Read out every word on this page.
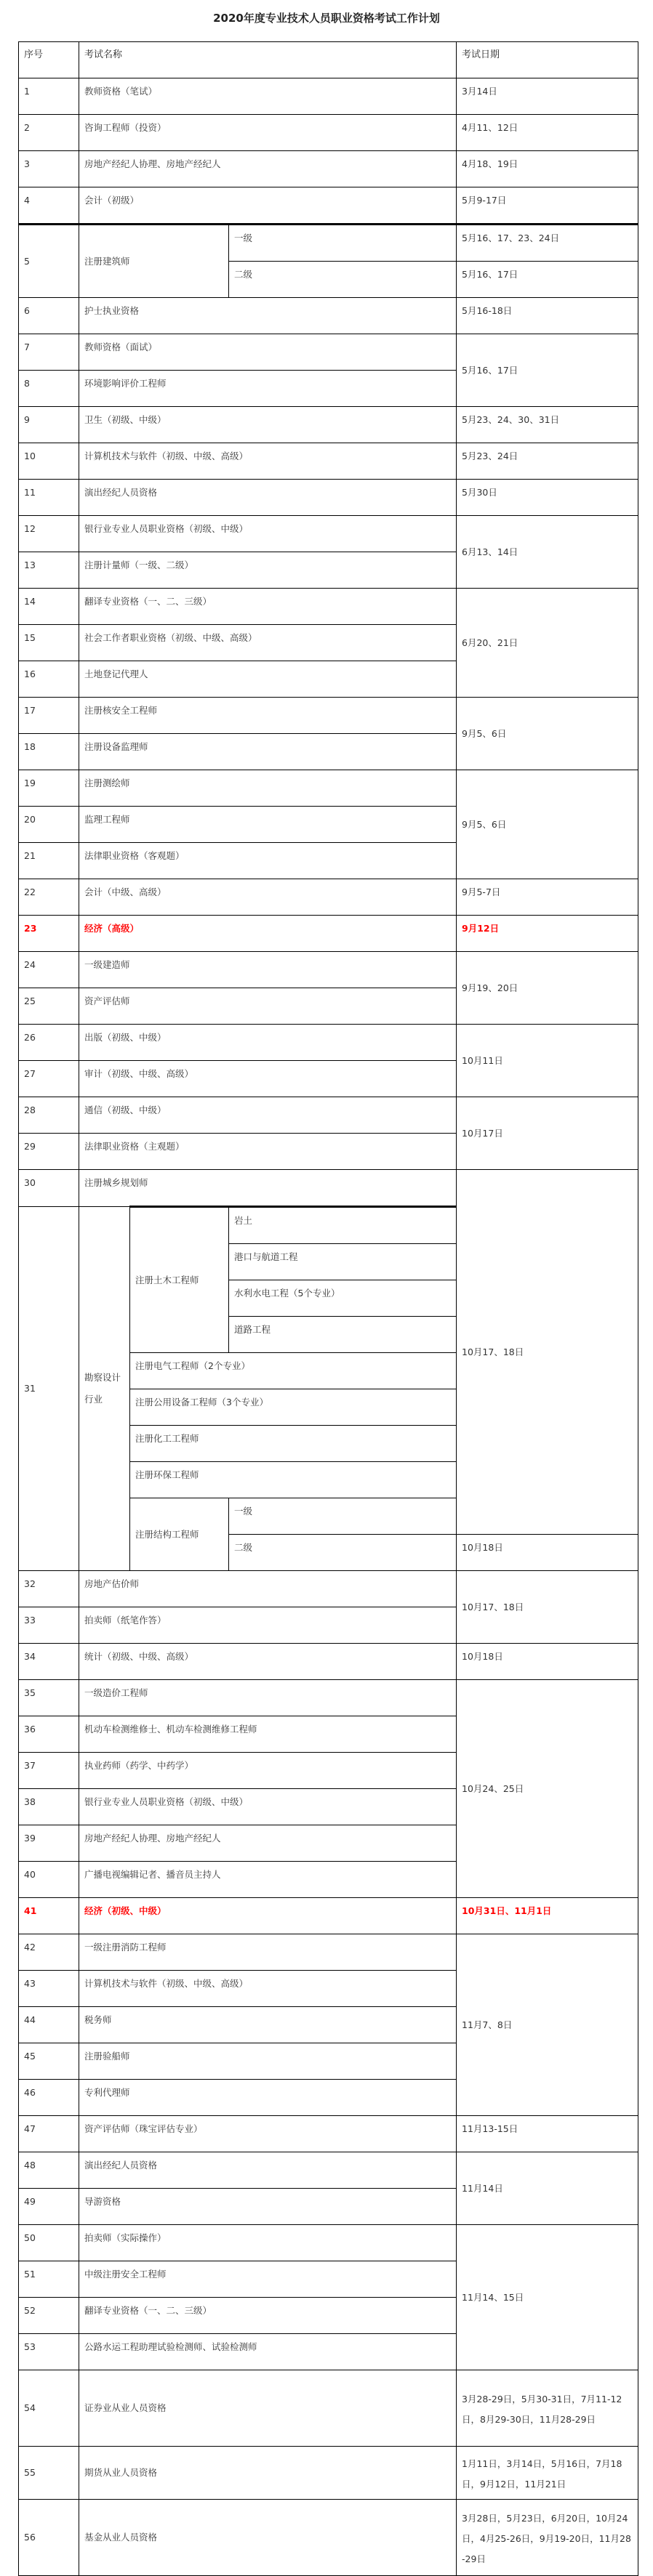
2020年度专业技术人员职业资格考试工作计划
序号	考试名称			考试日期
1	教师资格（笔试）			3月14日
2	咨询工程师（投资）			4月11、12日
3	房地产经纪人协理、房地产经纪人			4月18、19日
4	会计（初级）			5月9-17日
5	注册建筑师		一级	5月16、17、23、24日
			二级	5月16、17日
6	护士执业资格			5月16-18日
7	教师资格（面试）			5月16、17日
8	环境影响评价工程师			
9	卫生（初级、中级）			5月23、24、30、31日
10	计算机技术与软件（初级、中级、高级）			5月23、24日
11	演出经纪人员资格			5月30日
12	银行业专业人员职业资格（初级、中级）			6月13、14日
13	注册计量师（一级、二级）			
14	翻译专业资格（一、二、三级）			6月20、21日
15	社会工作者职业资格（初级、中级、高级）			
16	土地登记代理人			
17	注册核安全工程师			9月5、6日
18	注册设备监理师			
19	注册测绘师			9月5、6日
20	监理工程师			
21	法律职业资格（客观题）			
22	会计（中级、高级）			9月5-7日
23	经济（高级）			9月12日
24	一级建造师			9月19、20日
25	资产评估师			
26	出版（初级、中级）			10月11日
27	审计（初级、中级、高级）			
28	通信（初级、中级）			10月17日
29	法律职业资格（主观题）			
30	注册城乡规划师			10月17、18日
31	勘察设计行业	注册土木工程师	岩土	
			港口与航道工程	
			水利水电工程（5个专业）	
			道路工程	
		注册电气工程师（2个专业）		
		注册公用设备工程师（3个专业）		
		注册化工工程师		
		注册环保工程师		
		注册结构工程师	一级	
			二级	10月18日
32	房地产估价师			10月17、18日
33	拍卖师（纸笔作答）			
34	统计（初级、中级、高级）			10月18日
35	一级造价工程师			10月24、25日
36	机动车检测维修士、机动车检测维修工程师			
37	执业药师（药学、中药学）			
38	银行业专业人员职业资格（初级、中级）			
39	房地产经纪人协理、房地产经纪人			
40	广播电视编辑记者、播音员主持人			
41	经济（初级、中级）			10月31日、11月1日
42	一级注册消防工程师			11月7、8日
43	计算机技术与软件（初级、中级、高级）			
44	税务师			
45	注册验船师			
46	专利代理师			
47	资产评估师（珠宝评估专业）			11月13-15日
48	演出经纪人员资格			11月14日
49	导游资格			
50	拍卖师（实际操作）			11月14、15日
51	中级注册安全工程师			
52	翻译专业资格（一、二、三级）			
53	公路水运工程助理试验检测师、试验检测师			
54	证券业从业人员资格			3月28-29日，5月30-31日，7月11-12日，8月29-30日，11月28-29日
55	期货从业人员资格			1月11日，3月14日，5月16日，7月18日，9月12日，11月21日
56	基金从业人员资格			3月28日，5月23日，6月20日，10月24日，4月25-26日，9月19-20日，11月28-29日
